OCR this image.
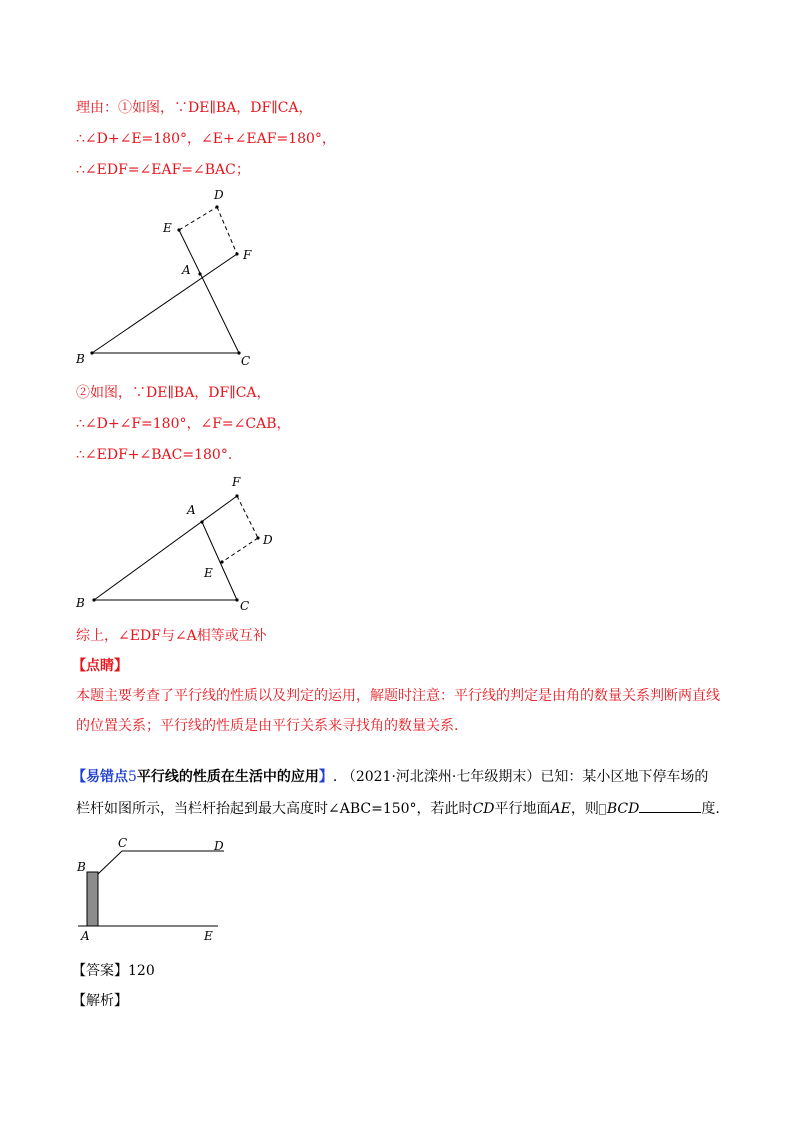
理由：①如图，∵DE∥BA，DF∥CA，
∴∠D+∠E=180°，∠E+∠EAF=180°，
∴∠EDF=∠EAF=∠BAC；
D
E
F
A
B	C
②如图，∵DE∥BA，DF∥CA，
∴∠D+∠F=180°，∠F=∠CAB，
∴∠EDF+∠BAC=180°.
F
A
D
E
B	C
综上，∠EDF与∠A相等或互补
【点睛】
本题主要考查了平行线的性质以及判定的运用，解题时注意：平行线的判定是由角的数量关系判断两直线
的位置关系；平行线的性质是由平行关系来寻找角的数量关系.
【易错点5平行线的性质在生活中的应用】. （2021·河北滦州·七年级期末）已知：某小区地下停车场的
栏杆如图所示，当栏杆抬起到最大高度时∠ABC=150°，若此时CD平行地面AE，则 BCD	度.
B
C	D
A	E
【答案】120
【解析】
